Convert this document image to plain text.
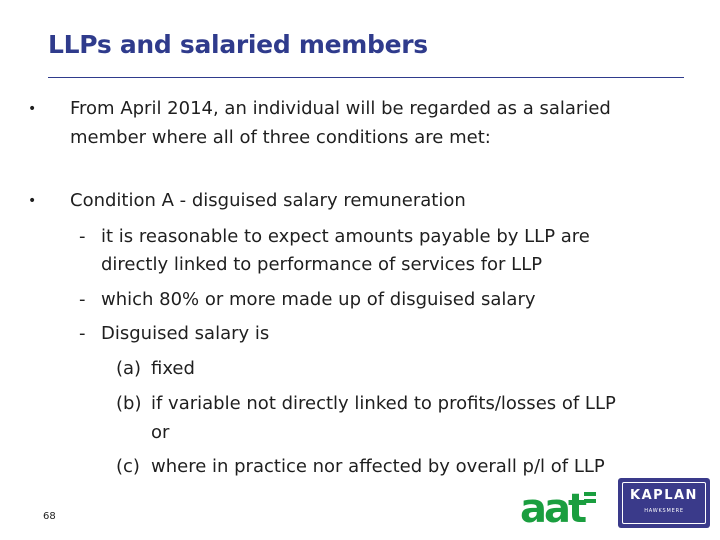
LLPs and salaried members
• From April 2014, an individual will be regarded as a salaried
member where all of three conditions are met:
• Condition A - disguised salary remuneration
- it is reasonable to expect amounts payable by LLP are
directly linked to performance of services for LLP
- which 80% or more made up of disguised salary
- Disguised salary is
(a) fixed
(b) if variable not directly linked to profits/losses of LLP
or
(c) where in practice nor affected by overall p/l of LLP
68	aat	KAPLAN
HAWKSMERE
